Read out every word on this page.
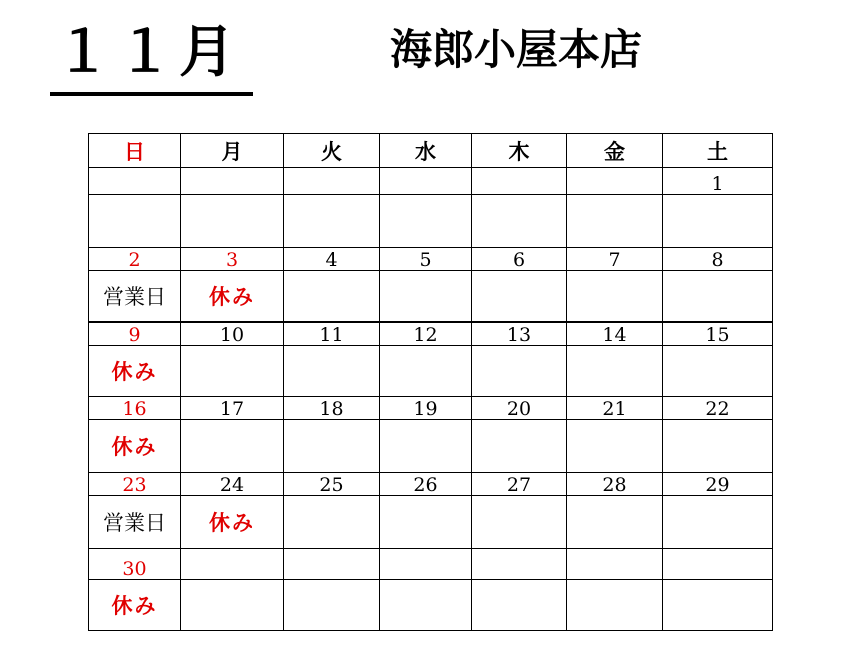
１１月	海郎小屋本店
日	月	火	水	木	金	土
						1

2	3	4	5	6	7	8
営業日	休み					
9	10	11	12	13	14	15
休み						
16	17	18	19	20	21	22
休み						
23	24	25	26	27	28	29
営業日	休み					
30						
休み						
